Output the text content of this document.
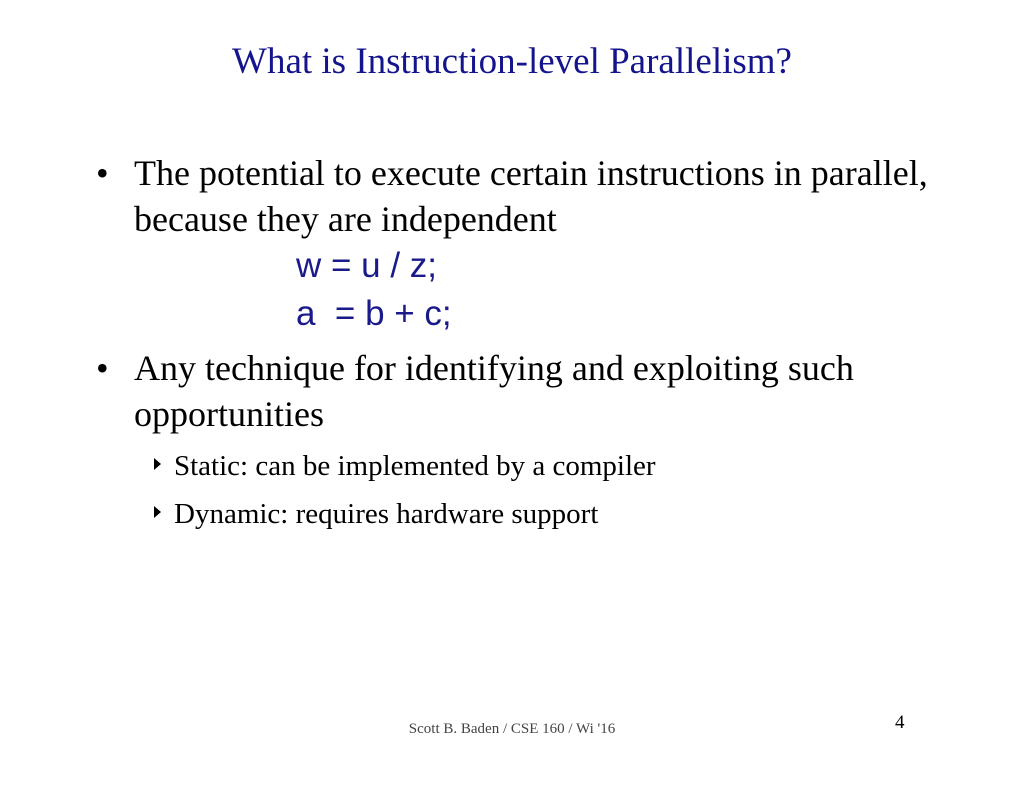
What is Instruction-level Parallelism?
• The potential to execute certain instructions in parallel, because they are independent
w = u / z;
a  = b + c;
• Any technique for identifying and exploiting such opportunities
Static: can be implemented by a compiler
Dynamic: requires hardware support
Scott B. Baden / CSE 160 / Wi '16	4
